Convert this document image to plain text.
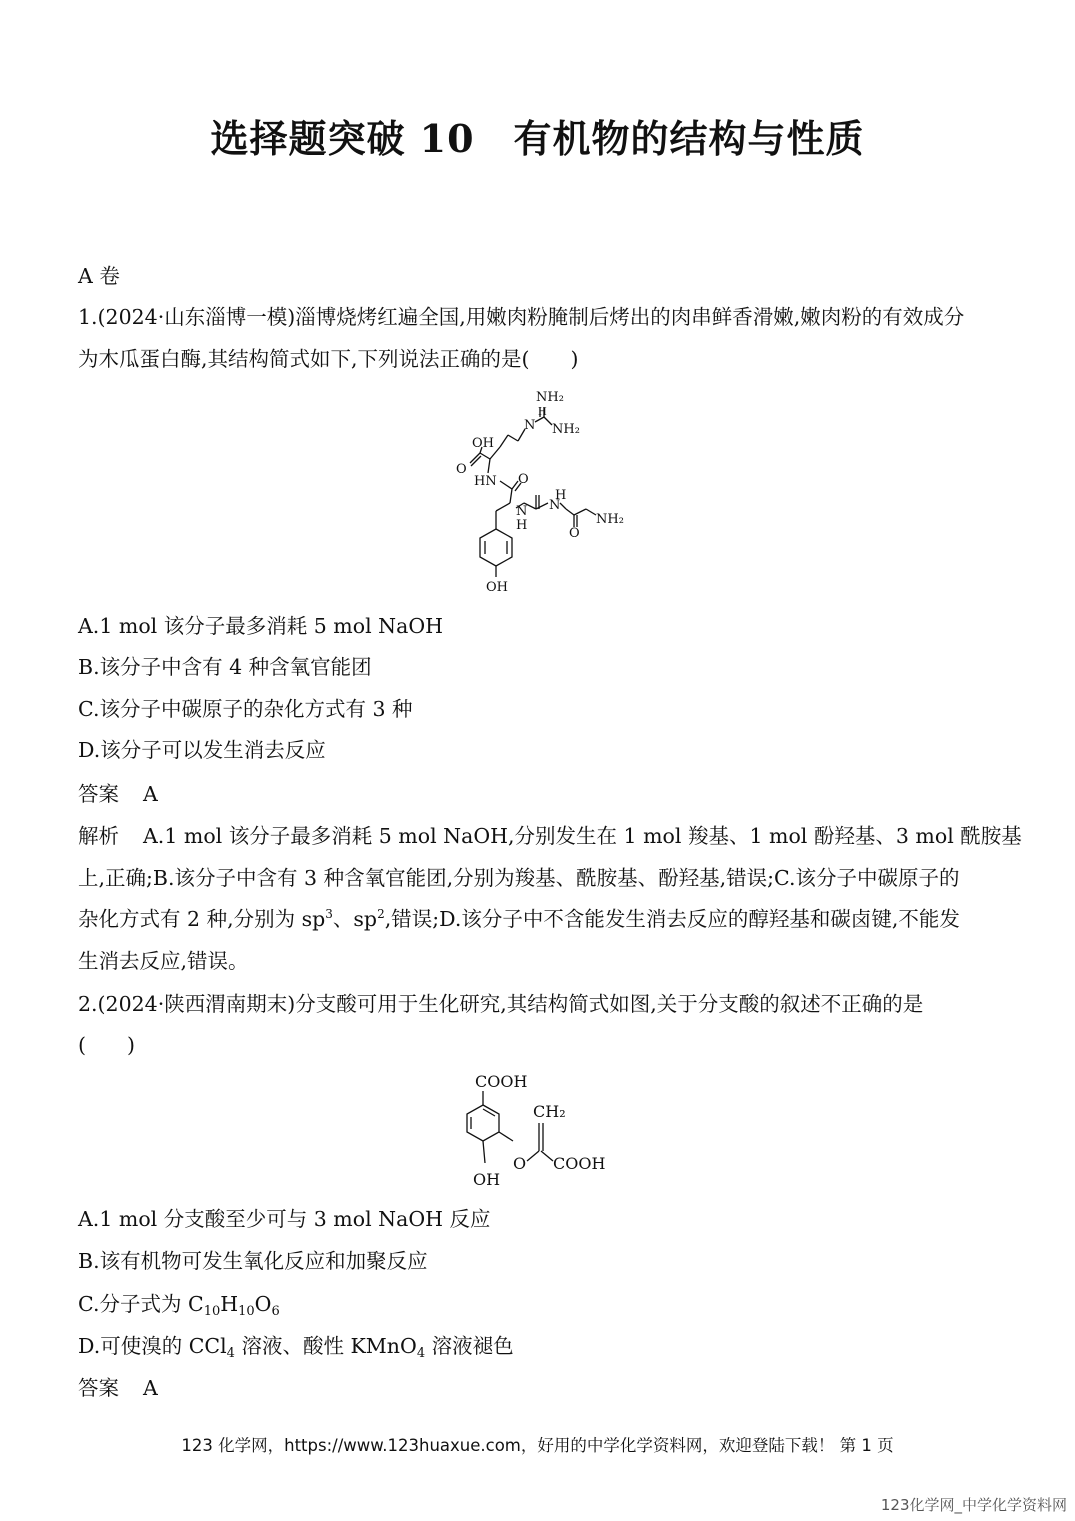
选择题突破 10　有机物的结构与性质
A 卷
1.(2024·山东淄博一模)淄博烧烤红遍全国,用嫩肉粉腌制后烤出的肉串鲜香滑嫩,嫩肉粉的有效成分
为木瓜蛋白酶,其结构简式如下,下列说法正确的是(　　)
NH₂
N
H
NH₂
OH
O
HN O
N
H
H
N
O
NH₂
OH
A.1 mol 该分子最多消耗 5 mol NaOH
B.该分子中含有 4 种含氧官能团
C.该分子中碳原子的杂化方式有 3 种
D.该分子可以发生消去反应
答案 A
解析 A.1 mol 该分子最多消耗 5 mol NaOH,分别发生在 1 mol 羧基、1 mol 酚羟基、3 mol 酰胺基
上,正确;B.该分子中含有 3 种含氧官能团,分别为羧基、酰胺基、酚羟基,错误;C.该分子中碳原子的
杂化方式有 2 种,分别为 $sp^3$、$sp^2$,错误;D.该分子中不含能发生消去反应的醇羟基和碳卤键,不能发
生消去反应,错误。
2.(2024·陕西渭南期末)分支酸可用于生化研究,其结构简式如图,关于分支酸的叙述不正确的是
(　　)
COOH
CH₂
O COOH
OH
A.1 mol 分支酸至少可与 3 mol NaOH 反应
B.该有机物可发生氧化反应和加聚反应
C.分子式为 $C_{10}H_{10}O_6$
D.可使溴的 CCl$_4$ 溶液、酸性 KMnO$_4$ 溶液褪色
答案 A
123 化学网，https://www.123huaxue.com，好用的中学化学资料网，欢迎登陆下载！ 第 1 页
123化学网_中学化学资料网
